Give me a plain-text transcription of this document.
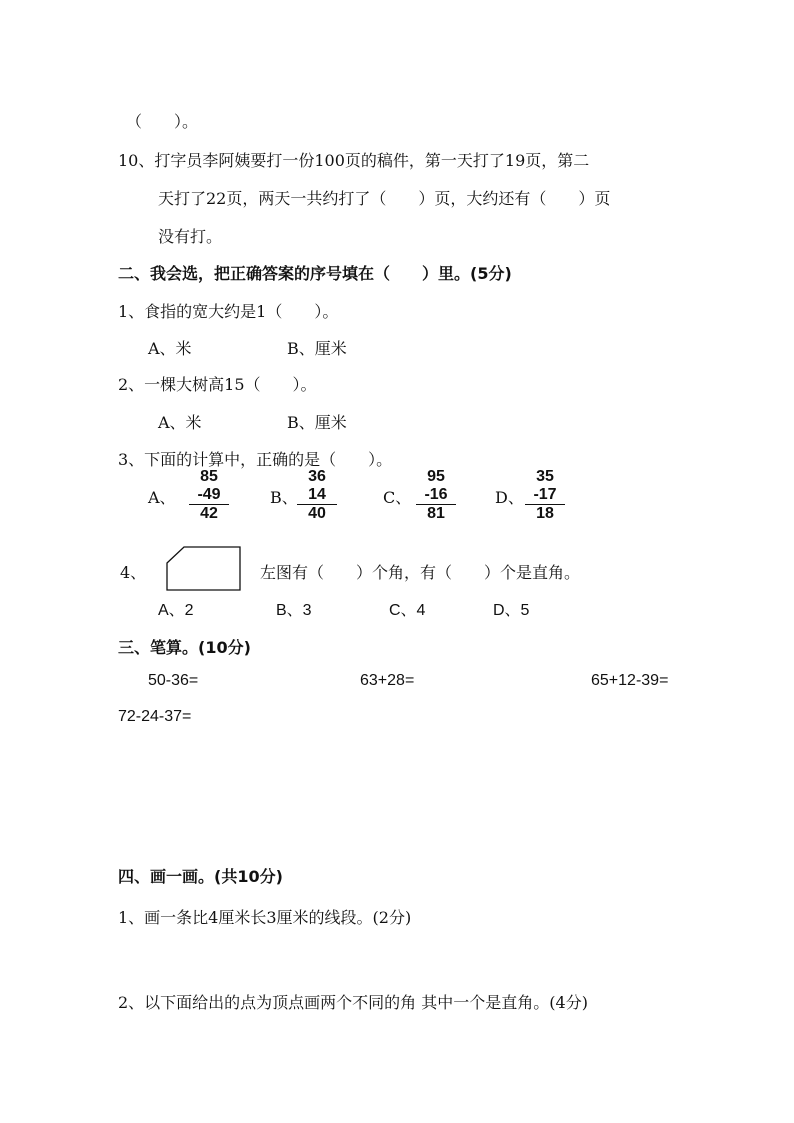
（　　）。
10、打字员李阿姨要打一份100页的稿件，第一天打了19页，第二
天打了22页，两天一共约打了（　　）页，大约还有（　　）页
没有打。
二、我会选，把正确答案的序号填在（　　）里。(5分)
1、食指的宽大约是1（　　）。
A、米	B、厘米
2、一棵大树高15（　　）。
A、米	B、厘米
3、下面的计算中，正确的是（　　）。
A、
85
-49
42
B、
36
14
40
C、
95
-16
81
D、
35
-17
18
4、	左图有（　　）个角，有（　　）个是直角。
A、2	B、3	C、4	D、5
三、笔算。(10分)
50-36=	63+28=	65+12-39=
72-24-37=
四、画一画。(共10分)
1、画一条比4厘米长3厘米的线段。(2分)
2、以下面给出的点为顶点画两个不同的角 其中一个是直角。(4分)
